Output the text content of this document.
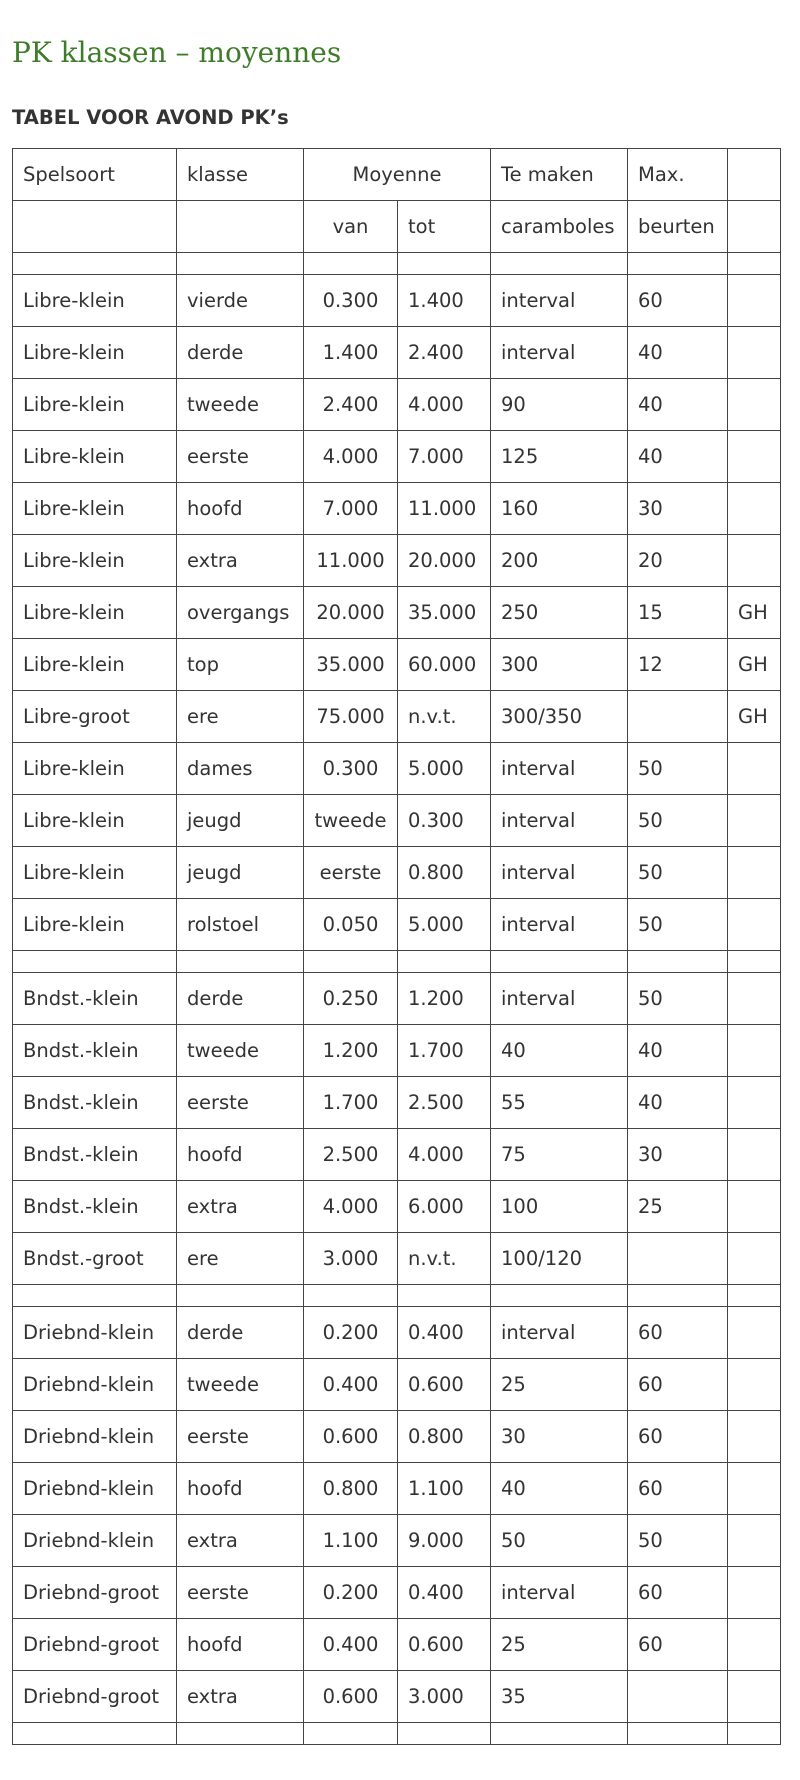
PK klassen – moyennes
TABEL VOOR AVOND PK’s
Spelsoort	klasse	Moyenne		Te maken	Max.	
		van	tot	caramboles	beurten	

Libre-klein	vierde	0.300	1.400	interval	60	
Libre-klein	derde	1.400	2.400	interval	40	
Libre-klein	tweede	2.400	4.000	90	40	
Libre-klein	eerste	4.000	7.000	125	40	
Libre-klein	hoofd	7.000	11.000	160	30	
Libre-klein	extra	11.000	20.000	200	20	
Libre-klein	overgangs	20.000	35.000	250	15	GH
Libre-klein	top	35.000	60.000	300	12	GH
Libre-groot	ere	75.000	n.v.t.	300/350		GH
Libre-klein	dames	0.300	5.000	interval	50	
Libre-klein	jeugd	tweede	0.300	interval	50	
Libre-klein	jeugd	eerste	0.800	interval	50	
Libre-klein	rolstoel	0.050	5.000	interval	50	

Bndst.-klein	derde	0.250	1.200	interval	50	
Bndst.-klein	tweede	1.200	1.700	40	40	
Bndst.-klein	eerste	1.700	2.500	55	40	
Bndst.-klein	hoofd	2.500	4.000	75	30	
Bndst.-klein	extra	4.000	6.000	100	25	
Bndst.-groot	ere	3.000	n.v.t.	100/120		

Driebnd-klein	derde	0.200	0.400	interval	60	
Driebnd-klein	tweede	0.400	0.600	25	60	
Driebnd-klein	eerste	0.600	0.800	30	60	
Driebnd-klein	hoofd	0.800	1.100	40	60	
Driebnd-klein	extra	1.100	9.000	50	50	
Driebnd-groot	eerste	0.200	0.400	interval	60	
Driebnd-groot	hoofd	0.400	0.600	25	60	
Driebnd-groot	extra	0.600	3.000	35		
